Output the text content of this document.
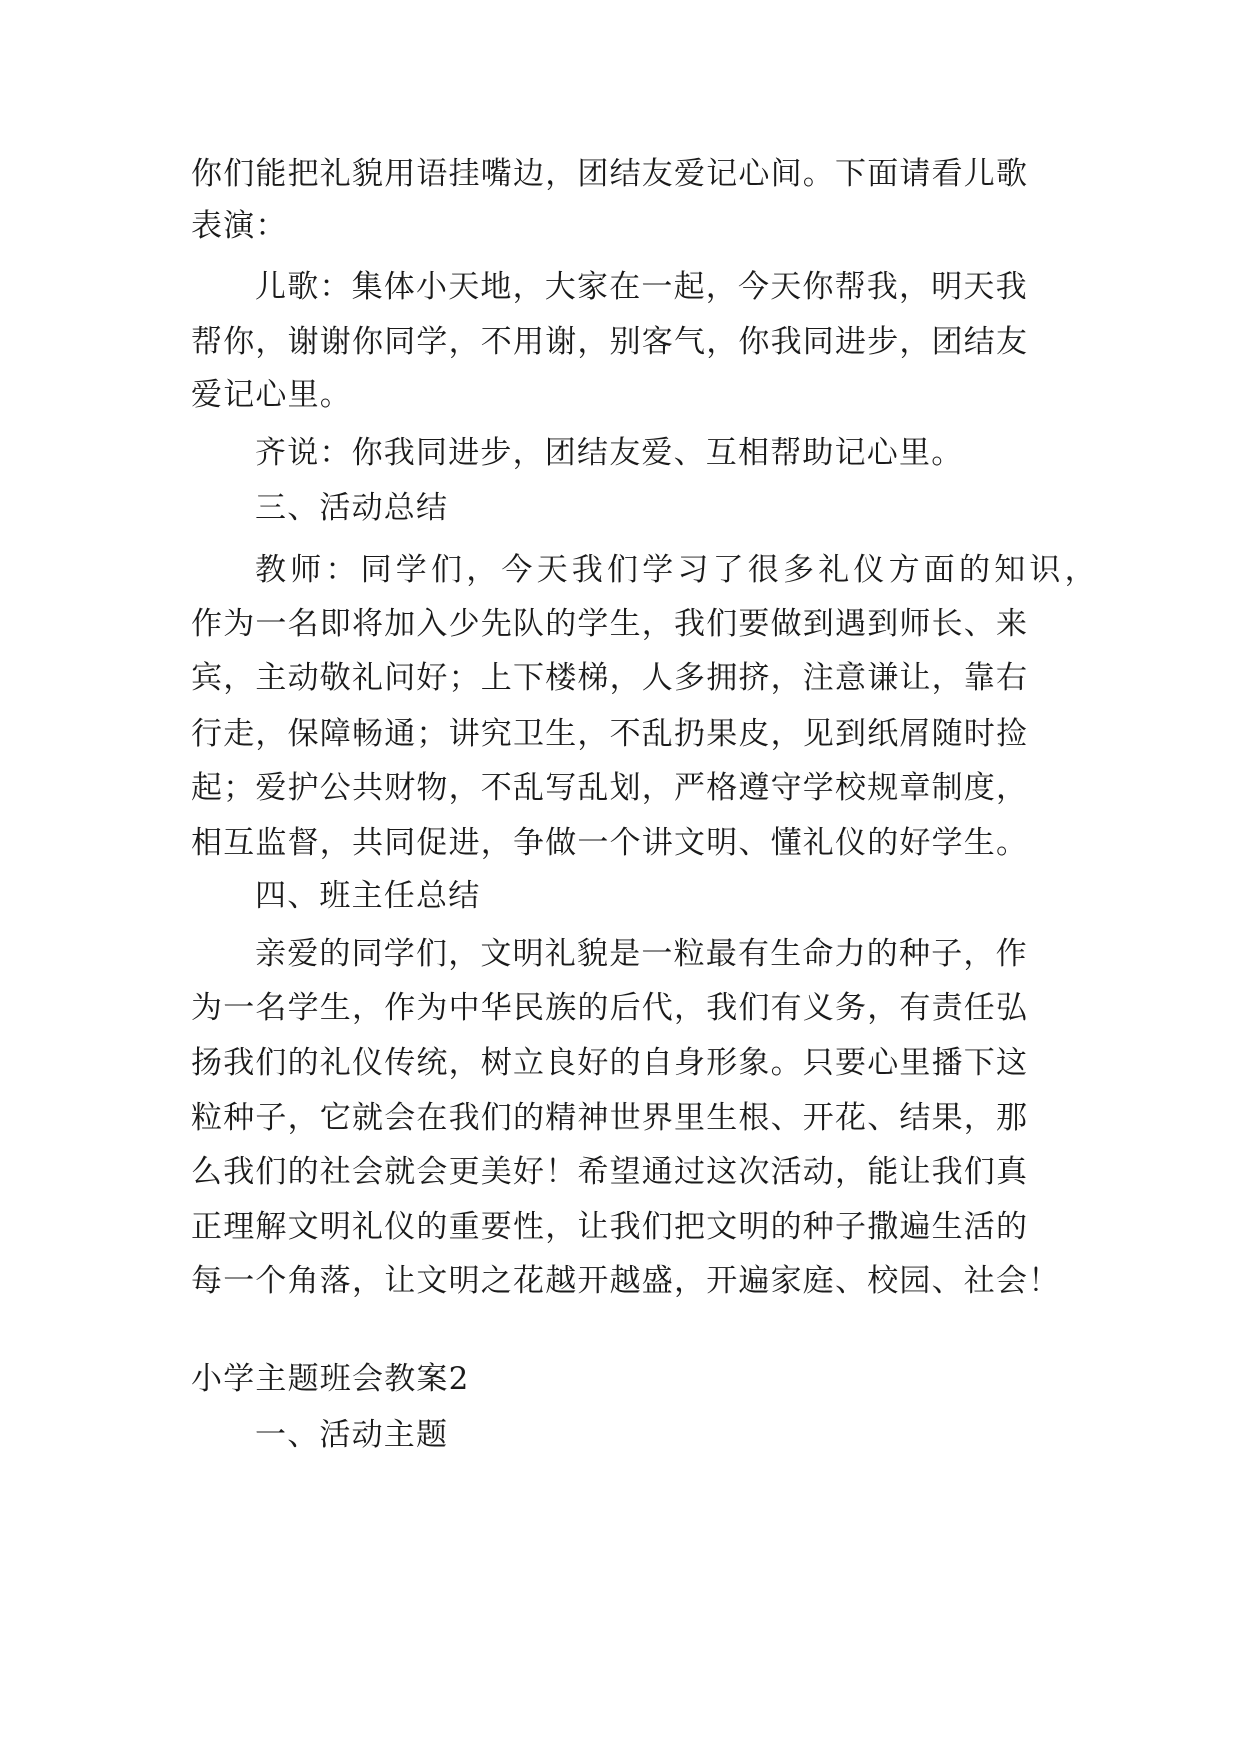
你们能把礼貌用语挂嘴边，团结友爱记心间。下面请看儿歌
表演：
儿歌：集体小天地，大家在一起，今天你帮我，明天我
帮你，谢谢你同学，不用谢，别客气，你我同进步，团结友
爱记心里。
齐说：你我同进步，团结友爱、互相帮助记心里。
三、活动总结
教师：同学们，今天我们学习了很多礼仪方面的知识，
作为一名即将加入少先队的学生，我们要做到遇到师长、来
宾，主动敬礼问好；上下楼梯，人多拥挤，注意谦让，靠右
行走，保障畅通；讲究卫生，不乱扔果皮，见到纸屑随时捡
起；爱护公共财物，不乱写乱划，严格遵守学校规章制度，
相互监督，共同促进，争做一个讲文明、懂礼仪的好学生。
四、班主任总结
亲爱的同学们，文明礼貌是一粒最有生命力的种子，作
为一名学生，作为中华民族的后代，我们有义务，有责任弘
扬我们的礼仪传统，树立良好的自身形象。只要心里播下这
粒种子，它就会在我们的精神世界里生根、开花、结果，那
么我们的社会就会更美好！希望通过这次活动，能让我们真
正理解文明礼仪的重要性，让我们把文明的种子撒遍生活的
每一个角落，让文明之花越开越盛，开遍家庭、校园、社会！
小学主题班会教案2
一、活动主题
